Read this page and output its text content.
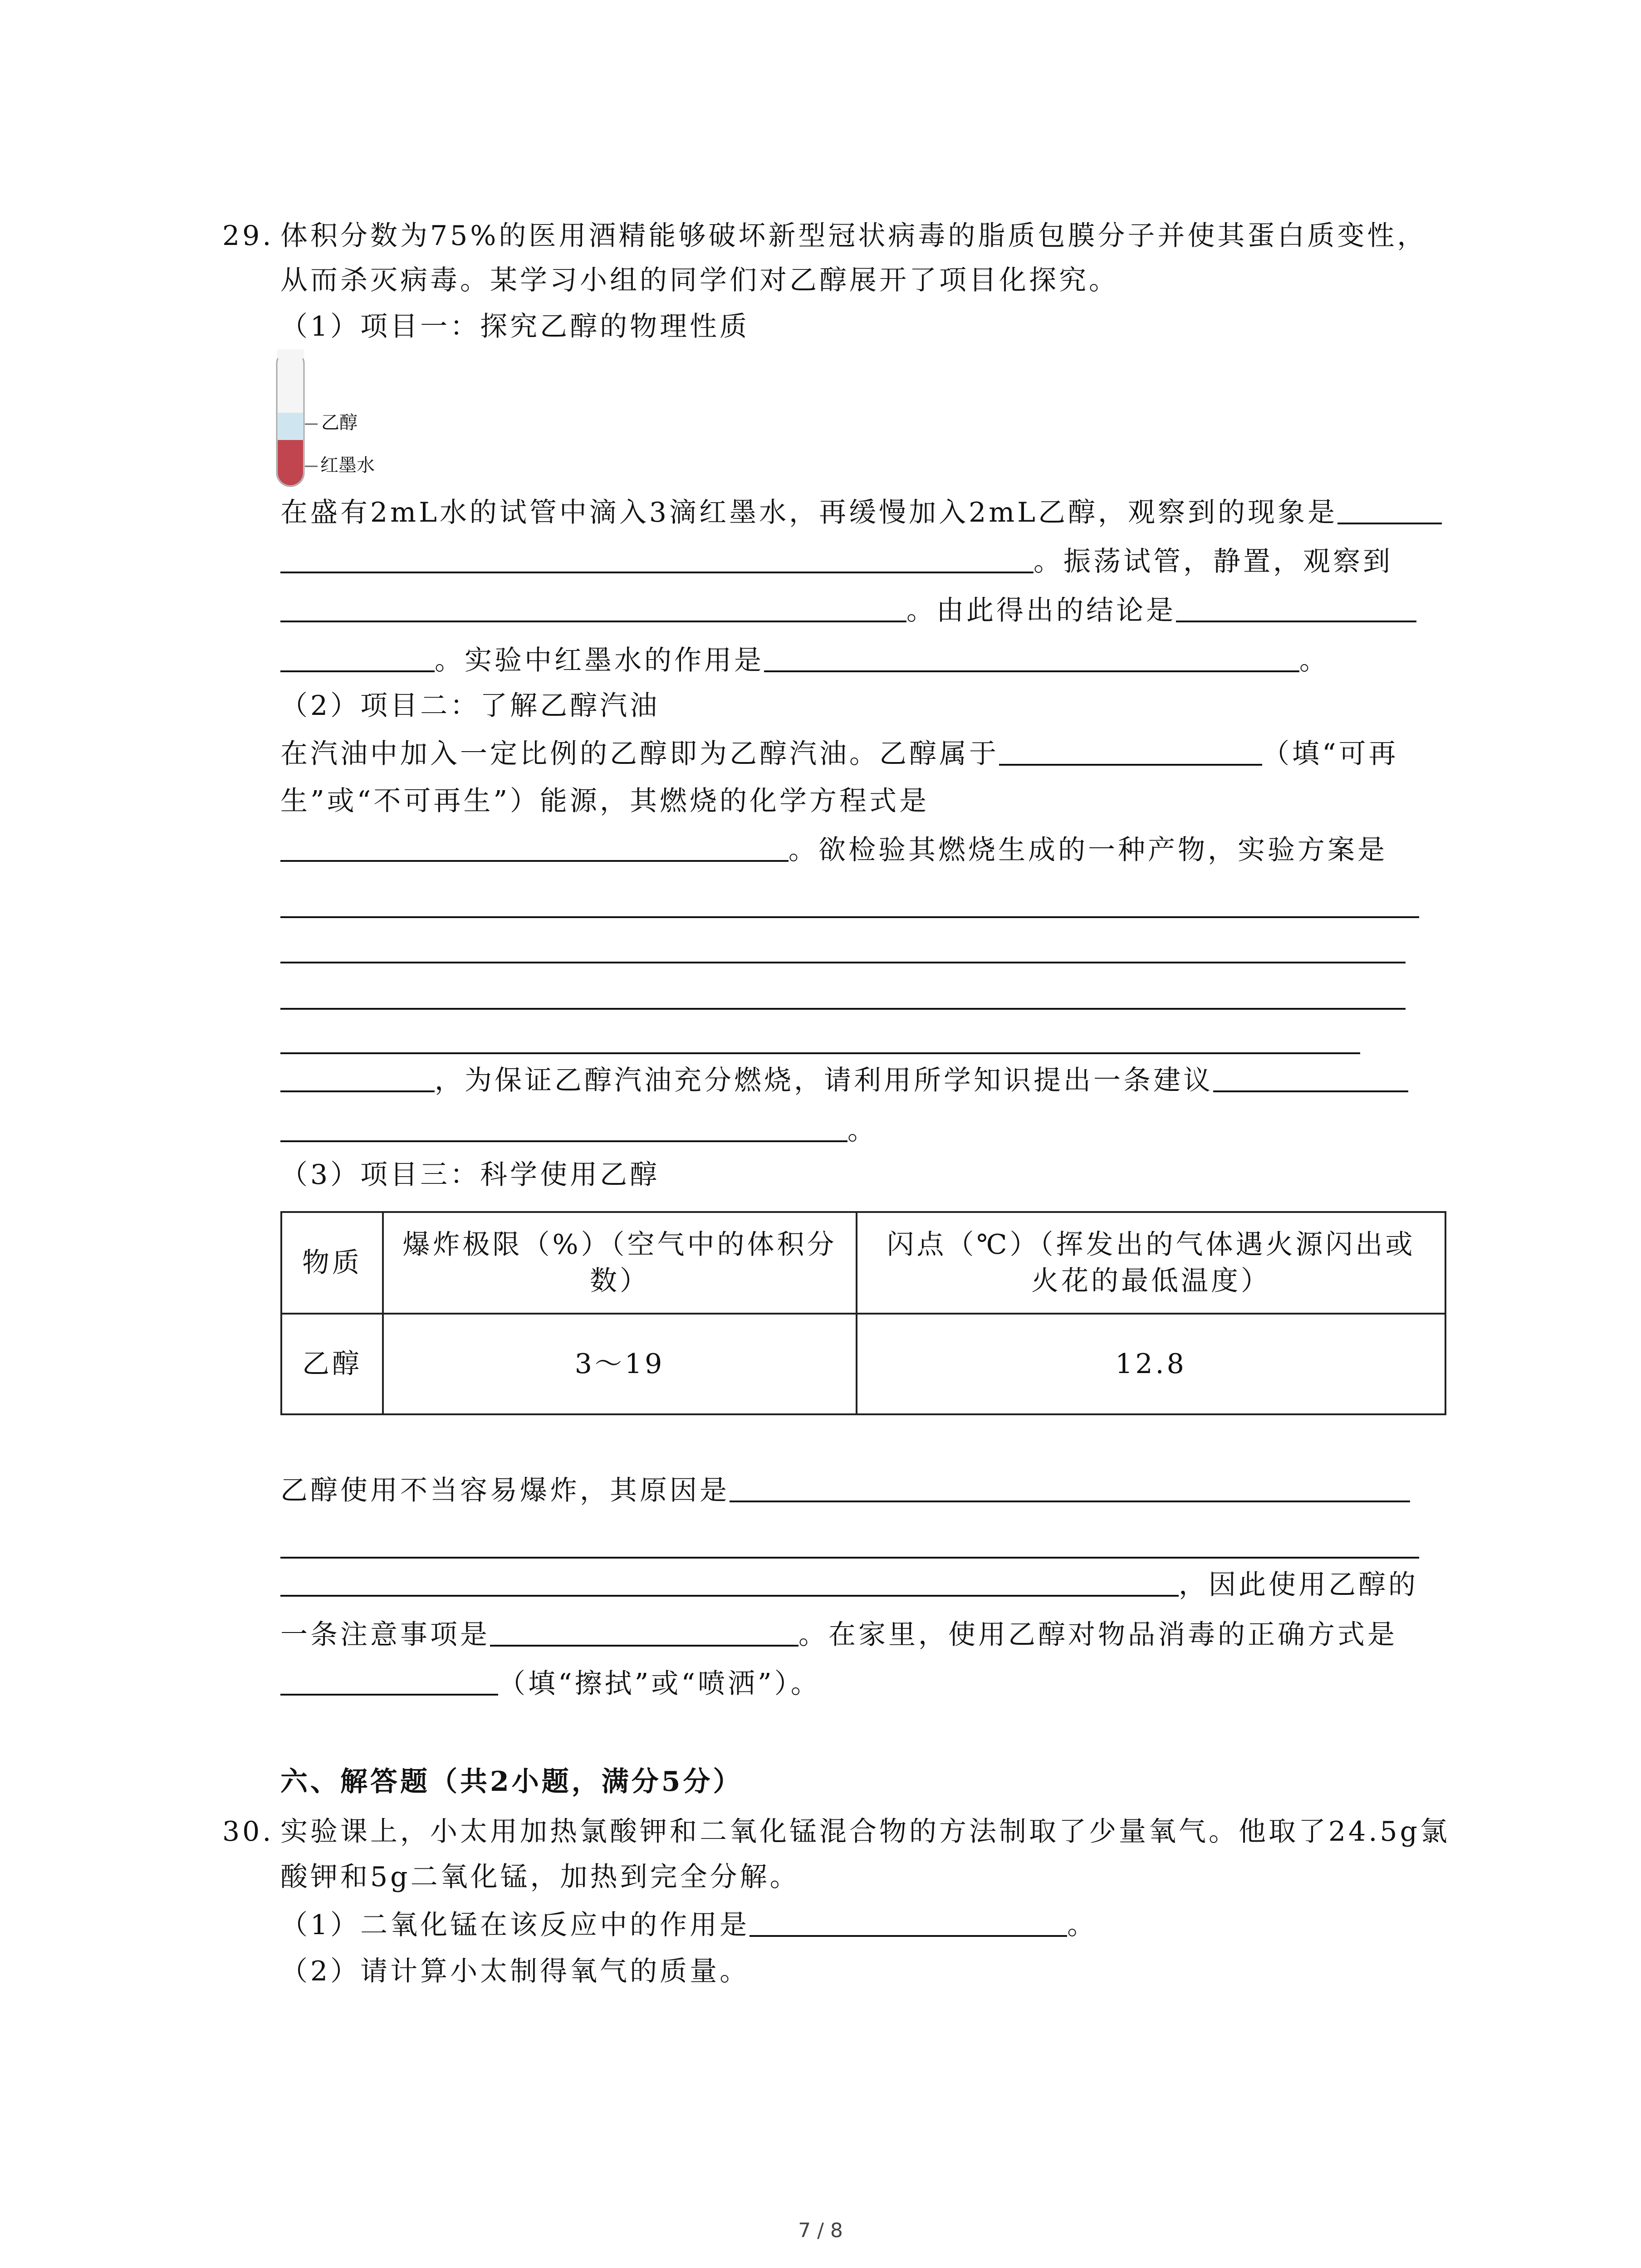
29. 体积分数为75%的医用酒精能够破坏新型冠状病毒的脂质包膜分子并使其蛋白质变性，
从而杀灭病毒。某学习小组的同学们对乙醇展开了项目化探究。
（1）项目一：探究乙醇的物理性质
乙醇
红墨水
在盛有2mL水的试管中滴入3滴红墨水，再缓慢加入2mL乙醇，观察到的现象是
。振荡试管，静置，观察到
。由此得出的结论是
。实验中红墨水的作用是	。
（2）项目二：了解乙醇汽油
在汽油中加入一定比例的乙醇即为乙醇汽油。乙醇属于	（填“可再
生”或“不可再生”）能源，其燃烧的化学方程式是
。欲检验其燃烧生成的一种产物，实验方案是
，为保证乙醇汽油充分燃烧，请利用所学知识提出一条建议
。
（3）项目三：科学使用乙醇
物质	爆炸极限（%）（空气中的体积分数）	闪点（℃）（挥发出的气体遇火源闪出或火花的最低温度）
乙醇	3～19	12.8
乙醇使用不当容易爆炸，其原因是
，因此使用乙醇的
一条注意事项是	。在家里，使用乙醇对物品消毒的正确方式是
（填“擦拭”或“喷洒”）。
六、解答题（共2小题，满分5分）
30. 实验课上，小太用加热氯酸钾和二氧化锰混合物的方法制取了少量氧气。他取了24.5g氯
酸钾和5g二氧化锰，加热到完全分解。
（1）二氧化锰在该反应中的作用是	。
（2）请计算小太制得氧气的质量。
7 / 8
